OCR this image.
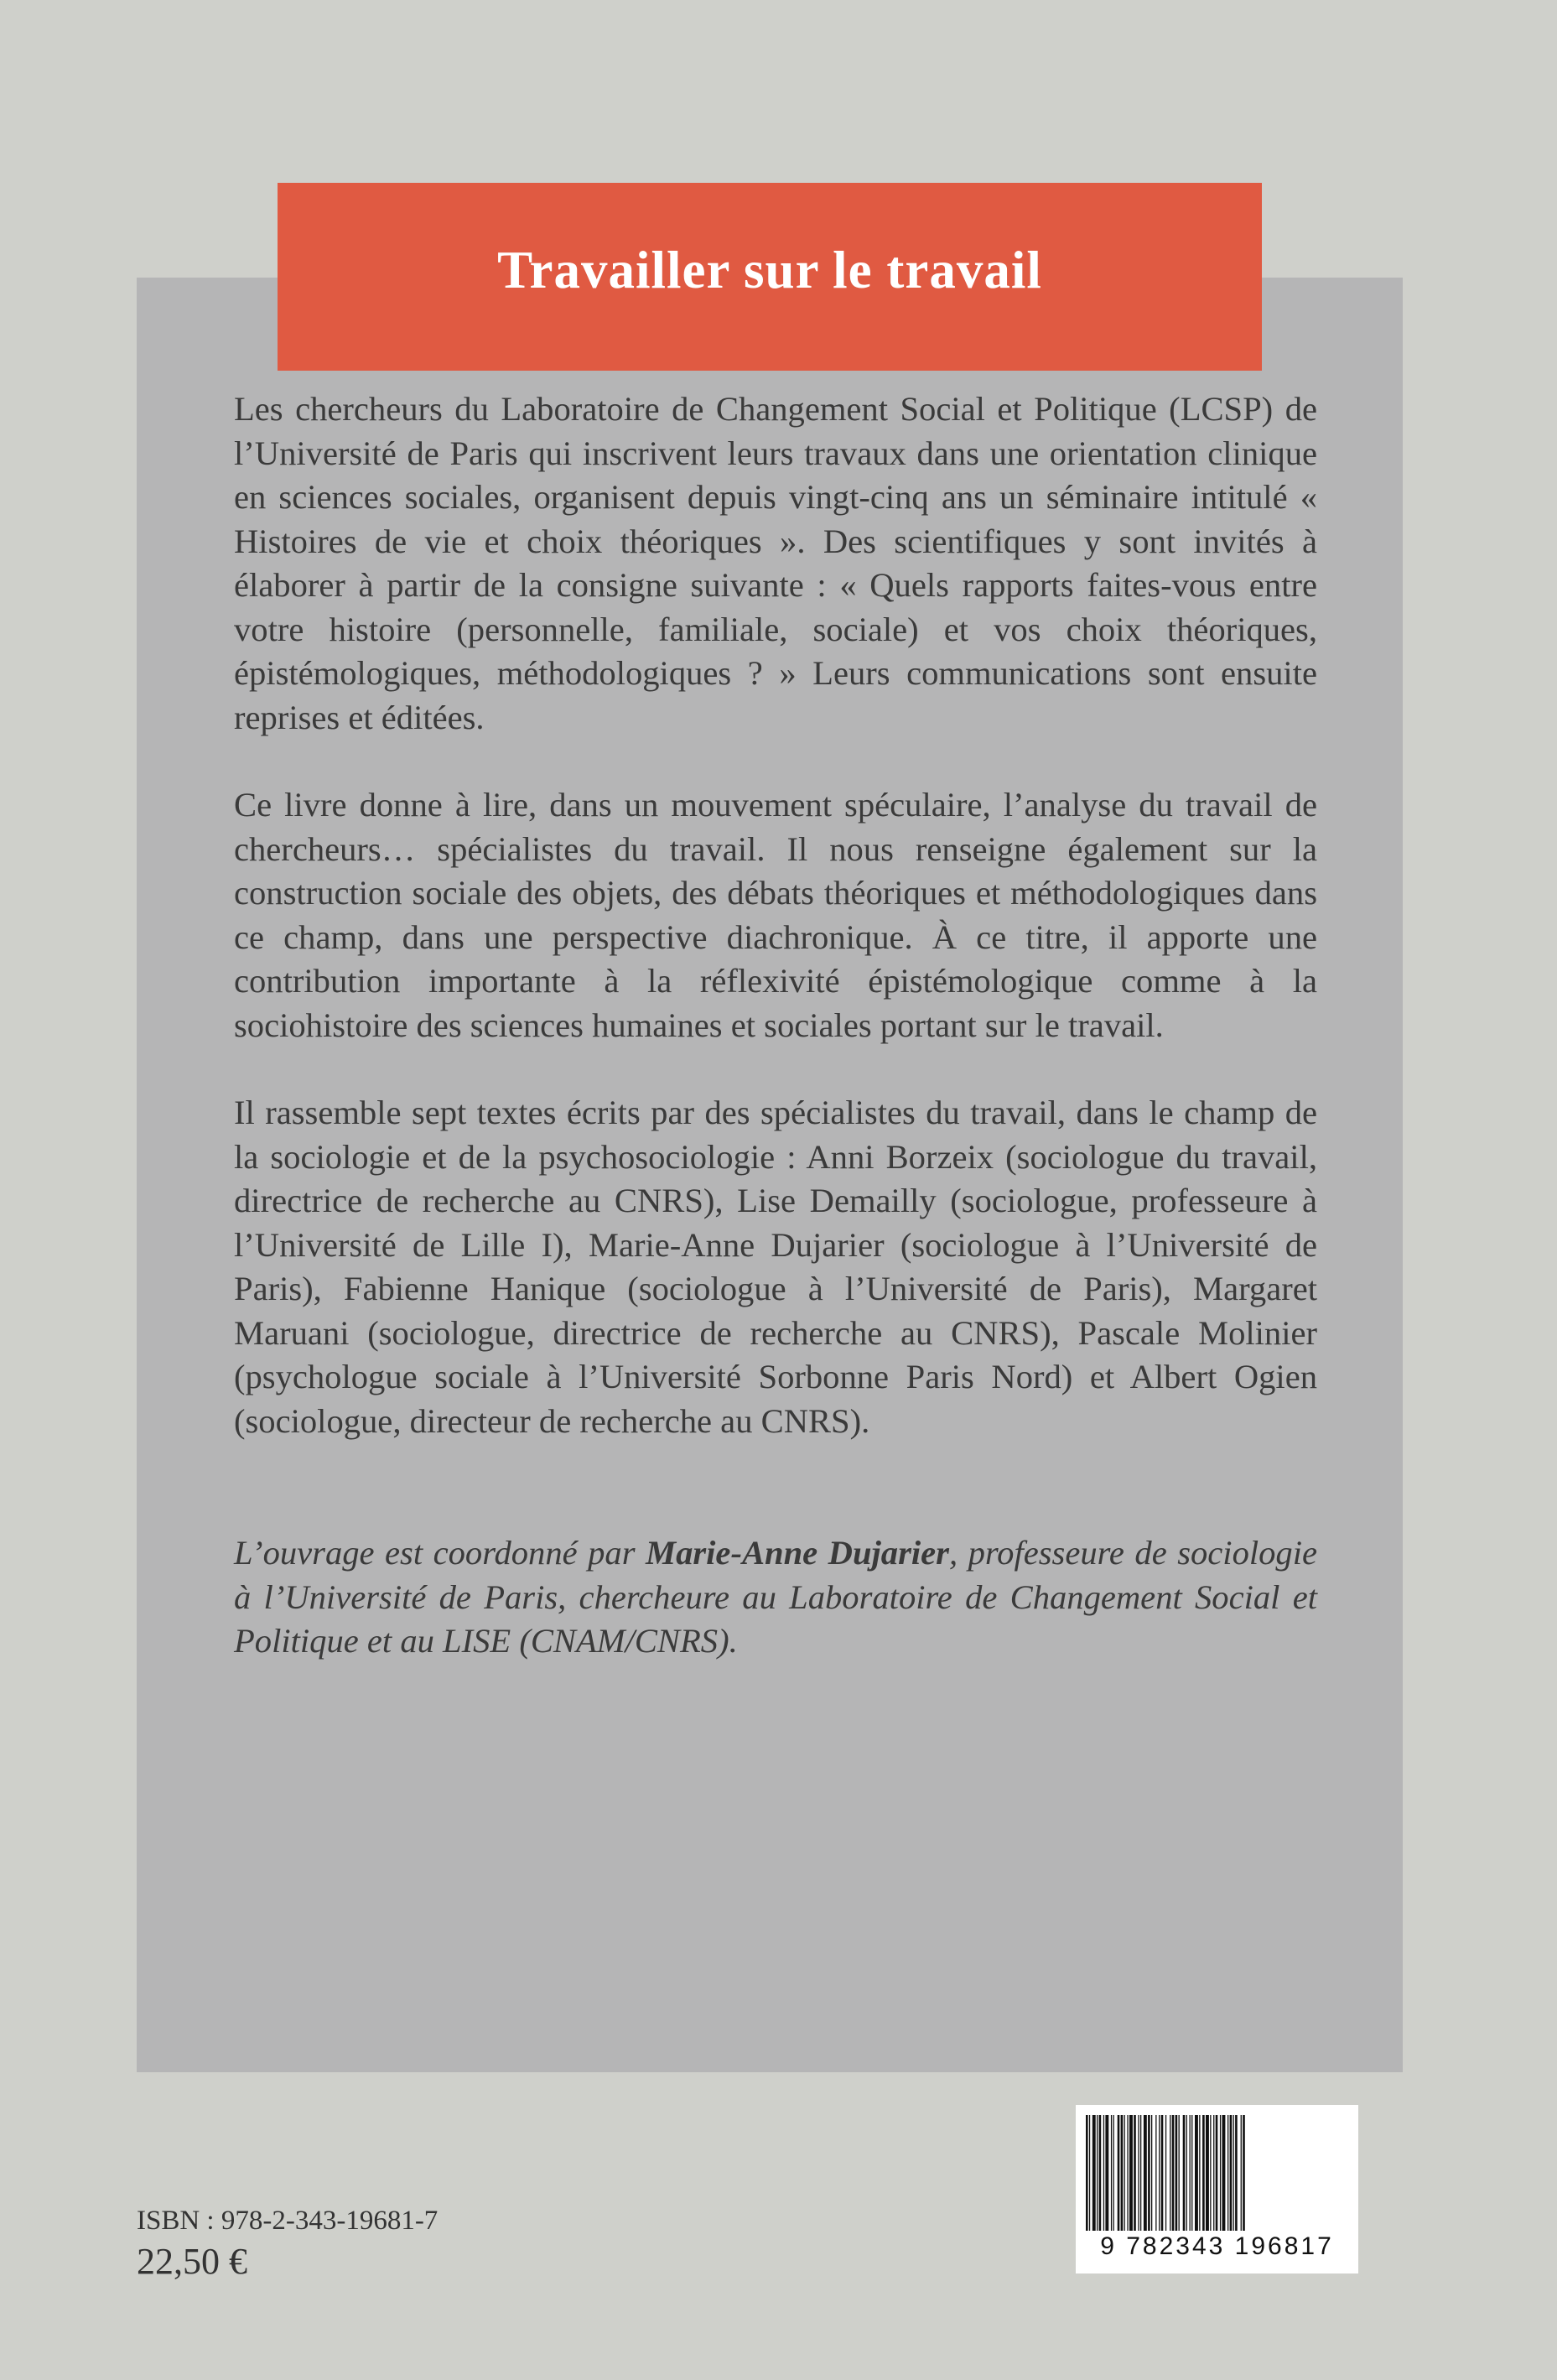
Travailler sur le travail

Les chercheurs du Laboratoire de Changement Social et Politique (LCSP) de l’Université de Paris qui inscrivent leurs travaux dans une orientation clinique en sciences sociales, organisent depuis vingt-cinq ans un séminaire intitulé « Histoires de vie et choix théoriques ». Des scientifiques y sont invités à élaborer à partir de la consigne suivante : « Quels rapports faites-vous entre votre histoire (personnelle, familiale, sociale) et vos choix théoriques, épistémologiques, méthodologiques ? » Leurs communications sont ensuite reprises et éditées.

Ce livre donne à lire, dans un mouvement spéculaire, l’analyse du travail de chercheurs… spécialistes du travail. Il nous renseigne également sur la construction sociale des objets, des débats théoriques et méthodologiques dans ce champ, dans une perspective diachronique. À ce titre, il apporte une contribution importante à la réflexivité épistémologique comme à la sociohistoire des sciences humaines et sociales portant sur le travail.

Il rassemble sept textes écrits par des spécialistes du travail, dans le champ de la sociologie et de la psychosociologie : Anni Borzeix (sociologue du travail, directrice de recherche au CNRS), Lise Demailly (sociologue, professeure à l’Université de Lille I), Marie-Anne Dujarier (sociologue à l’Université de Paris), Fabienne Hanique (sociologue à l’Université de Paris), Margaret Maruani (sociologue, directrice de recherche au CNRS), Pascale Molinier (psychologue sociale à l’Université Sorbonne Paris Nord) et Albert Ogien (sociologue, directeur de recherche au CNRS).

L’ouvrage est coordonné par Marie-Anne Dujarier, professeure de sociologie à l’Université de Paris, chercheure au Laboratoire de Changement Social et Politique et au LISE (CNAM/CNRS).

9 782343 196817
ISBN : 978-2-343-19681-7
22,50 €
